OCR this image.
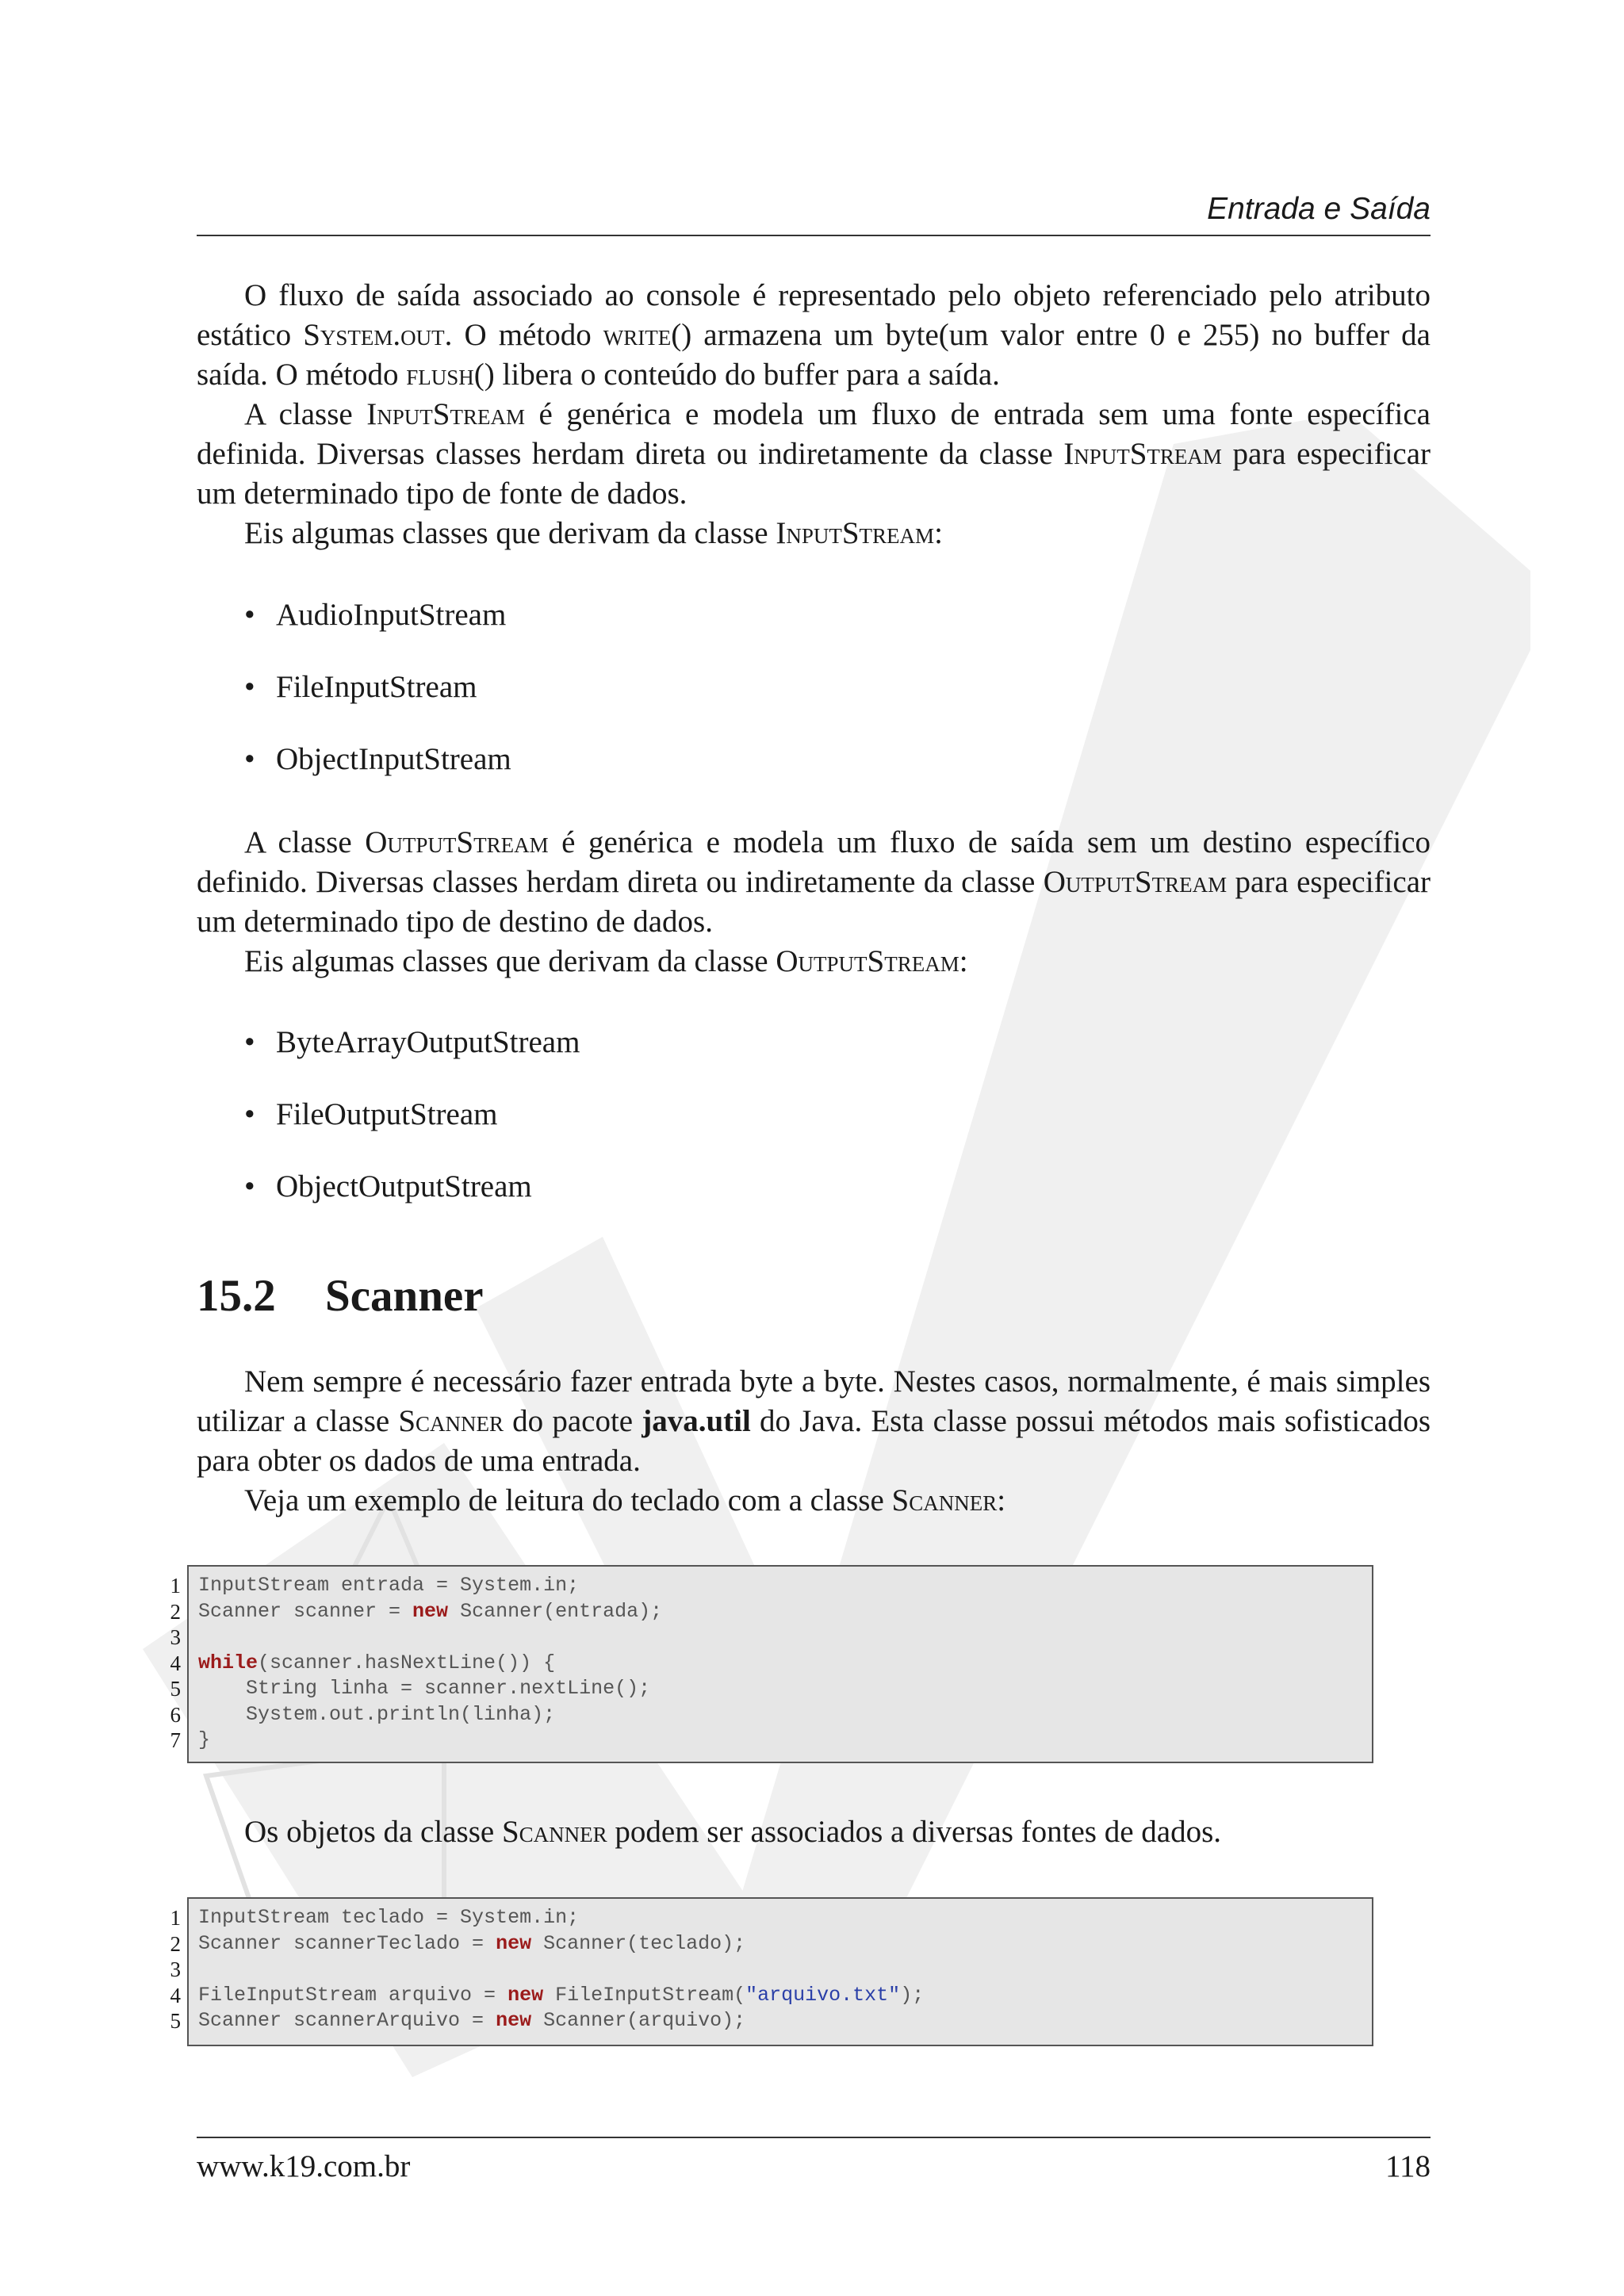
Entrada e Saída

O fluxo de saída associado ao console é representado pelo objeto referenciado pelo atributo estático System.out. O método write() armazena um byte(um valor entre 0 e 255) no buffer da saída. O método flush() libera o conteúdo do buffer para a saída.

A classe InputStream é genérica e modela um fluxo de entrada sem uma fonte específica definida. Diversas classes herdam direta ou indiretamente da classe InputStream para especificar um determinado tipo de fonte de dados.

Eis algumas classes que derivam da classe InputStream:

• AudioInputStream
• FileInputStream
• ObjectInputStream

A classe OutputStream é genérica e modela um fluxo de saída sem um destino específico definido. Diversas classes herdam direta ou indiretamente da classe OutputStream para especificar um determinado tipo de destino de dados.

Eis algumas classes que derivam da classe OutputStream:

• ByteArrayOutputStream
• FileOutputStream
• ObjectOutputStream
15.2 Scanner

Nem sempre é necessário fazer entrada byte a byte. Nestes casos, normalmente, é mais simples utilizar a classe Scanner do pacote java.util do Java. Esta classe possui métodos mais sofisticados para obter os dados de uma entrada.

Veja um exemplo de leitura do teclado com a classe Scanner:

1 InputStream entrada = System.in;
2 Scanner scanner = new Scanner(entrada);
3
4 while(scanner.hasNextLine()) {
5 String linha = scanner.nextLine();
6 System.out.println(linha);
7 }

Os objetos da classe Scanner podem ser associados a diversas fontes de dados.

1 InputStream teclado = System.in;
2 Scanner scannerTeclado = new Scanner(teclado);
3
4 FileInputStream arquivo = new FileInputStream("arquivo.txt");
5 Scanner scannerArquivo = new Scanner(arquivo);
www.k19.com.br	118
